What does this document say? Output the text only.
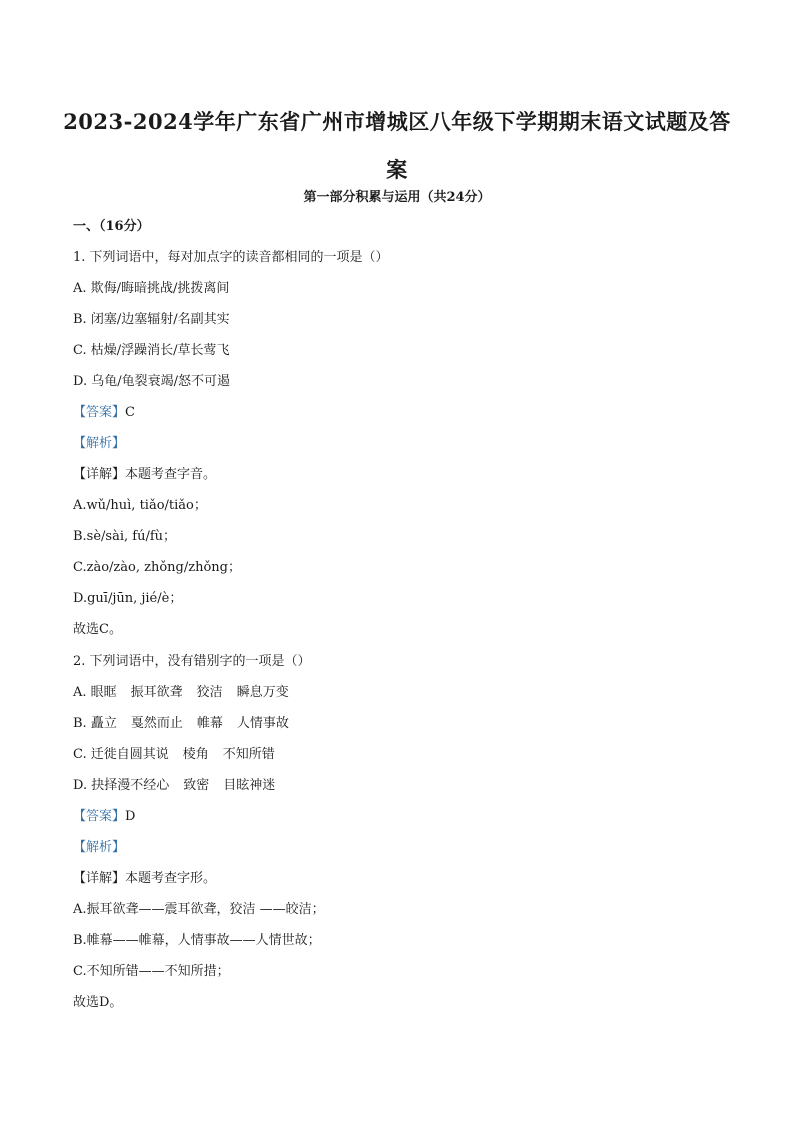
2023-2024学年广东省广州市增城区八年级下学期期末语文试题及答案
第一部分积累与运用（共24分）
一、（16分）
1. 下列词语中，每对加点字的读音都相同的一项是（）
A. 欺侮/晦暗挑战/挑拨离间
B. 闭塞/边塞辐射/名副其实
C. 枯燥/浮躁消长/草长莺飞
D. 乌龟/龟裂衰竭/怒不可遏
【答案】C
【解析】
【详解】本题考查字音。
A.wǔ/huì, tiǎo/tiǎo；
B.sè/sài, fú/fù；
C.zào/zào, zhǒng/zhǒng；
D.guī/jūn, jié/è；
故选C。
2. 下列词语中，没有错别字的一项是（）
A. 眼眶 振耳欲聋 狡洁 瞬息万变
B. 矗立 戛然而止 帷幕 人情事故
C. 迁徙自圆其说 棱角 不知所错
D. 抉择漫不经心 致密 目眩神迷
【答案】D
【解析】
【详解】本题考查字形。
A.振耳欲聋——震耳欲聋，狡洁 ——皎洁；
B.帷幕——帷幕，人情事故——人情世故；
C.不知所错——不知所措；
故选D。
